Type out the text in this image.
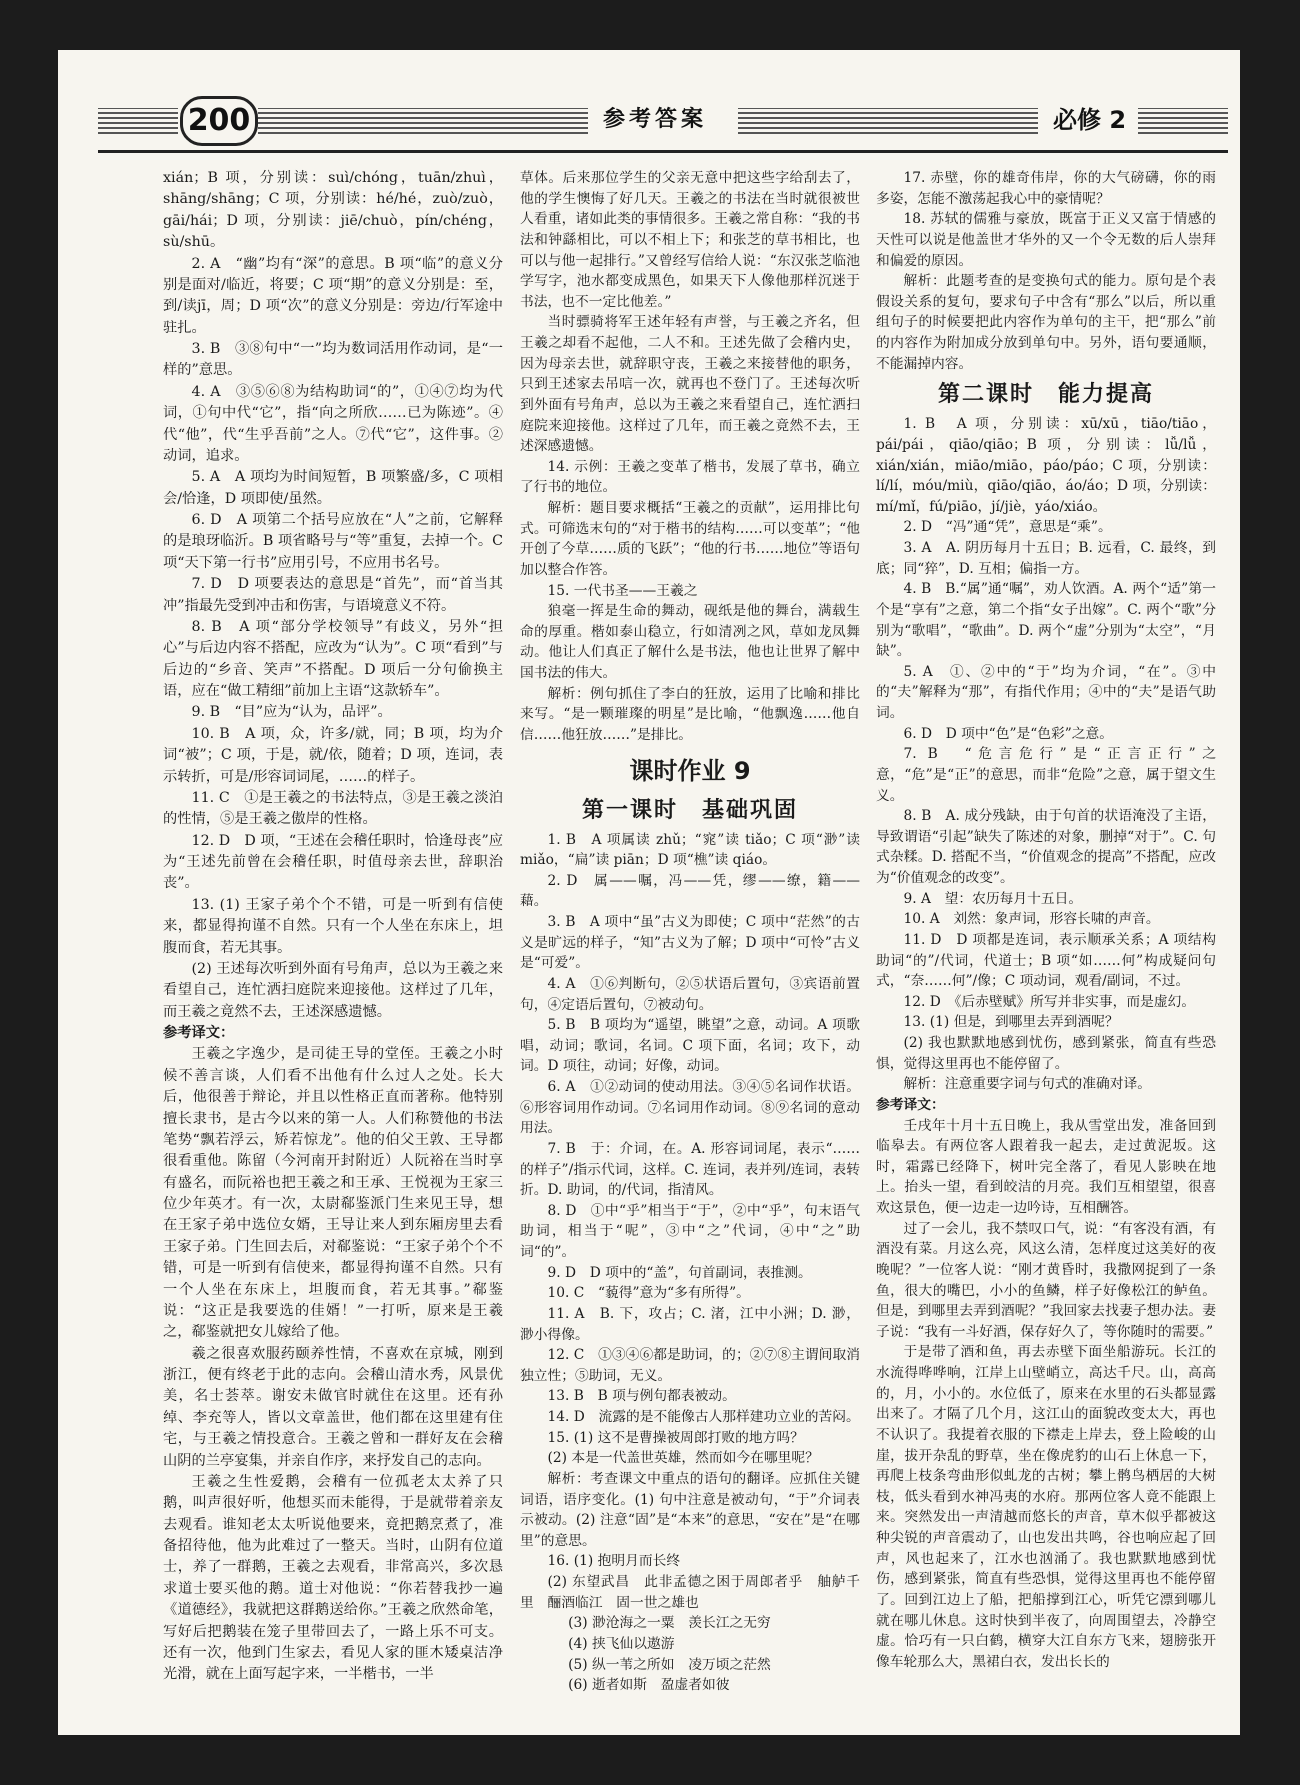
200	参考答案	必修 2

xián；B 项，分别读：suì/chóng，tuān/zhuì，shāng/shāng；C 项，分别读：hé/hé，zuò/zuò，gāi/hái；D 项，分别读：jiē/chuò，pín/chéng，sù/shū。

2. A　“幽”均有“深”的意思。B 项“临”的意义分别是面对/临近，将要；C 项“期”的意义分别是：至，到/读jī，周；D 项“次”的意义分别是：旁边/行军途中驻扎。

3. B　③⑧句中“一”均为数词活用作动词，是“一样的”意思。

4. A　③⑤⑥⑧为结构助词“的”，①④⑦均为代词，①句中代“它”，指“向之所欣……已为陈迹”。④代“他”，代“生乎吾前”之人。⑦代“它”，这件事。②动词，追求。

5. A　A 项均为时间短暂，B 项繁盛/多，C 项相会/恰逢，D 项即使/虽然。

6. D　A 项第二个括号应放在“人”之前，它解释的是琅玡临沂。B 项省略号与“等”重复，去掉一个。C 项“天下第一行书”应用引号，不应用书名号。

7. D　D 项要表达的意思是“首先”，而“首当其冲”指最先受到冲击和伤害，与语境意义不符。

8. B　A 项“部分学校领导”有歧义，另外“担心”与后边内容不搭配，应改为“认为”。C 项“看到”与后边的“乡音、笑声”不搭配。D 项后一分句偷换主语，应在“做工精细”前加上主语“这款轿车”。

9. B　“目”应为“认为，品评”。

10. B　A 项，众，许多/就，同；B 项，均为介词“被”；C 项，于是，就/依，随着；D 项，连词，表示转折，可是/形容词词尾，……的样子。

11. C　①是王羲之的书法特点，③是王羲之淡泊的性情，⑤是王羲之傲岸的性格。

12. D　D 项，“王述在会稽任职时，恰逢母丧”应为“王述先前曾在会稽任职，时值母亲去世，辞职治丧”。

13. (1) 王家子弟个个不错，可是一听到有信使来，都显得拘谨不自然。只有一个人坐在东床上，坦腹而食，若无其事。

(2) 王述每次听到外面有号角声，总以为王羲之来看望自己，连忙洒扫庭院来迎接他。这样过了几年，而王羲之竟然不去，王述深感遗憾。

参考译文：

王羲之字逸少，是司徒王导的堂侄。王羲之小时候不善言谈，人们看不出他有什么过人之处。长大后，他很善于辩论，并且以性格正直而著称。他特别擅长隶书，是古今以来的第一人。人们称赞他的书法笔势“飘若浮云，矫若惊龙”。他的伯父王敦、王导都很看重他。陈留（今河南开封附近）人阮裕在当时享有盛名，而阮裕也把王羲之和王承、王悦视为王家三位少年英才。有一次，太尉郗鉴派门生来见王导，想在王家子弟中选位女婿，王导让来人到东厢房里去看王家子弟。门生回去后，对郗鉴说：“王家子弟个个不错，可是一听到有信使来，都显得拘谨不自然。只有一个人坐在东床上，坦腹而食，若无其事。”郗鉴说：“这正是我要选的佳婿！”一打听，原来是王羲之，郗鉴就把女儿嫁给了他。

羲之很喜欢服药颐养性情，不喜欢在京城，刚到浙江，便有终老于此的志向。会稽山清水秀，风景优美，名士荟萃。谢安未做官时就住在这里。还有孙绰、李充等人，皆以文章盖世，他们都在这里建有住宅，与王羲之情投意合。王羲之曾和一群好友在会稽山阴的兰亭宴集，并亲自作序，来抒发自己的志向。

王羲之生性爱鹅，会稽有一位孤老太太养了只鹅，叫声很好听，他想买而未能得，于是就带着亲友去观看。谁知老太太听说他要来，竟把鹅烹煮了，准备招待他，他为此难过了一整天。当时，山阴有位道士，养了一群鹅，王羲之去观看，非常高兴，多次恳求道士要买他的鹅。道士对他说：“你若替我抄一遍《道德经》，我就把这群鹅送给你。”王羲之欣然命笔，写好后把鹅装在笼子里带回去了，一路上乐不可支。还有一次，他到门生家去，看见人家的匪木矮桌洁净光滑，就在上面写起字来，一半楷书，一半

草体。后来那位学生的父亲无意中把这些字给刮去了，他的学生懊悔了好几天。王羲之的书法在当时就很被世人看重，诸如此类的事情很多。王羲之常自称：“我的书法和钟繇相比，可以不相上下；和张芝的草书相比，也可以与他一起排行。”又曾经写信给人说：“东汉张芝临池学写字，池水都变成黑色，如果天下人像他那样沉迷于书法，也不一定比他差。”

当时骠骑将军王述年轻有声誉，与王羲之齐名，但王羲之却看不起他，二人不和。王述先做了会稽内史，因为母亲去世，就辞职守丧，王羲之来接替他的职务，只到王述家去吊唁一次，就再也不登门了。王述每次听到外面有号角声，总以为王羲之来看望自己，连忙洒扫庭院来迎接他。这样过了几年，而王羲之竟然不去，王述深感遗憾。

14. 示例：王羲之变革了楷书，发展了草书，确立了行书的地位。

解析：题目要求概括“王羲之的贡献”，运用排比句式。可筛选末句的“对于楷书的结构……可以变革”；“他开创了今草……质的飞跃”；“他的行书……地位”等语句加以整合作答。

15. 一代书圣——王羲之

狼毫一挥是生命的舞动，砚纸是他的舞台，满载生命的厚重。楷如泰山稳立，行如清冽之风，草如龙凤舞动。他让人们真正了解什么是书法，他也让世界了解中国书法的伟大。

解析：例句抓住了李白的狂放，运用了比喻和排比来写。“是一颗璀璨的明星”是比喻，“他飘逸……他自信……他狂放……”是排比。

课时作业 9

第一课时　基础巩固

1. B　A 项属读 zhǔ；“窕”读 tiǎo；C 项“渺”读 miǎo，“扁”读 piān；D 项“樵”读 qiáo。

2. D　属——嘱，冯——凭，缪——缭，籍——藉。

3. B　A 项中“虽”古义为即使；C 项中“茫然”的古义是旷远的样子，“知”古义为了解；D 项中“可怜”古义是“可爱”。

4. A　①⑥判断句，②⑤状语后置句，③宾语前置句，④定语后置句，⑦被动句。

5. B　B 项均为“遥望，眺望”之意，动词。A 项歌唱，动词；歌词，名词。C 项下面，名词；攻下，动词。D 项往，动词；好像，动词。

6. A　①②动词的使动用法。③④⑤名词作状语。⑥形容词用作动词。⑦名词用作动词。⑧⑨名词的意动用法。

7. B　于：介词，在。A. 形容词词尾，表示“……的样子”/指示代词，这样。C. 连词，表并列/连词，表转折。D. 助词，的/代词，指清风。

8. D　①中“乎”相当于“于”，②中“乎”，句末语气助词，相当于“呢”，③中“之”代词，④中“之”助词“的”。

9. D　D 项中的“盖”，句首副词，表推测。

10. C　“藐得”意为“多有所得”。

11. A　B. 下，攻占；C. 渚，江中小洲；D. 渺，渺小得像。

12. C　①③④⑥都是助词，的；②⑦⑧主谓间取消独立性；⑤助词，无义。

13. B　B 项与例句都表被动。

14. D　流露的是不能像古人那样建功立业的苦闷。

15. (1) 这不是曹操被周郎打败的地方吗？

(2) 本是一代盖世英雄，然而如今在哪里呢？

解析：考查课文中重点的语句的翻译。应抓住关键词语，语序变化。(1) 句中注意是被动句，“于”介词表示被动。(2) 注意“固”是“本来”的意思，“安在”是“在哪里”的意思。

16. (1) 抱明月而长终

(2) 东望武昌　此非孟德之困于周郎者乎　舳舻千里　酾酒临江　固一世之雄也

(3) 渺沧海之一粟　羡长江之无穷

(4) 挟飞仙以遨游

(5) 纵一苇之所如　凌万顷之茫然

(6) 逝者如斯　盈虚者如彼

17. 赤壁，你的雄奇伟岸，你的大气磅礴，你的雨多姿，怎能不激荡起我心中的豪情呢？

18. 苏轼的儒雅与豪放，既富于正义又富于情感的天性可以说是他盖世才华外的又一个令无数的后人崇拜和偏爱的原因。

解析：此题考查的是变换句式的能力。原句是个表假设关系的复句，要求句子中含有“那么”以后，所以重组句子的时候要把此内容作为单句的主干，把“那么”前的内容作为附加成分放到单句中。另外，语句要通顺，不能漏掉内容。

第二课时　能力提高

1. B　A 项，分别读：xū/xū，tiāo/tiāo，pái/pái，qiāo/qiāo；B 项，分别读：lǚ/lǚ，xián/xián，miāo/miāo，páo/páo；C 项，分别读：lí/lí，móu/miù，qiāo/qiāo，áo/áo；D 项，分别读：mí/mǐ，fú/piāo，jí/jiè，yáo/xiáo。

2. D　“冯”通“凭”，意思是“乘”。

3. A　A. 阴历每月十五日；B. 远看，C. 最终，到底；同“猝”，D. 互相；偏指一方。

4. B　B.“属”通“嘱”，劝人饮酒。A. 两个“适”第一个是“享有”之意，第二个指“女子出嫁”。C. 两个“歌”分别为“歌唱”，“歌曲”。D. 两个“虚”分别为“太空”，“月缺”。

5. A　①、②中的“于”均为介词，“在”。③中的“夫”解释为“那”，有指代作用；④中的“夫”是语气助词。

6. D　D 项中“色”是“色彩”之意。

7. B　“危言危行”是“正言正行”之意，“危”是“正”的意思，而非“危险”之意，属于望文生义。

8. B　A. 成分残缺，由于句首的状语淹没了主语，导致谓语“引起”缺失了陈述的对象，删掉“对于”。C. 句式杂糅。D. 搭配不当，“价值观念的提高”不搭配，应改为“价值观念的改变”。

9. A　望：农历每月十五日。

10. A　刘然：象声词，形容长啸的声音。

11. D　D 项都是连词，表示顺承关系；A 项结构助词“的”/代词，代道士；B 项“如……何”构成疑问句式，“奈……何”/像；C 项动词，观看/副词，不过。

12. D　《后赤壁赋》所写并非实事，而是虚幻。

13. (1) 但是，到哪里去弄到酒呢？

(2) 我也默默地感到忧伤，感到紧张，简直有些恐惧，觉得这里再也不能停留了。

解析：注意重要字词与句式的准确对译。

参考译文：

壬戌年十月十五日晚上，我从雪堂出发，准备回到临皋去。有两位客人跟着我一起去，走过黄泥坂。这时，霜露已经降下，树叶完全落了，看见人影映在地上。抬头一望，看到皎洁的月亮。我们互相望望，很喜欢这景色，便一边走一边吟诗，互相酬答。

过了一会儿，我不禁叹口气，说：“有客没有酒，有酒没有菜。月这么亮，风这么清，怎样度过这美好的夜晚呢？”一位客人说：“刚才黄昏时，我撒网捉到了一条鱼，很大的嘴巴，小小的鱼鳞，样子好像松江的鲈鱼。但是，到哪里去弄到酒呢？”我回家去找妻子想办法。妻子说：“我有一斗好酒，保存好久了，等你随时的需要。”

于是带了酒和鱼，再去赤壁下面坐船游玩。长江的水流得哗哗响，江岸上山壁峭立，高达千尺。山，高高的，月，小小的。水位低了，原来在水里的石头都显露出来了。才隔了几个月，这江山的面貌改变太大，再也不认识了。我提着衣服的下襟走上岸去，登上险峻的山崖，拔开杂乱的野草，坐在像虎豹的山石上休息一下，再爬上枝条弯曲形似虬龙的古树；攀上鹘鸟栖居的大树枝，低头看到水神冯夷的水府。那两位客人竟不能跟上来。突然发出一声清越而悠长的声音，草木似乎都被这种尖锐的声音震动了，山也发出共鸣，谷也响应起了回声，风也起来了，江水也汹涌了。我也默默地感到忧伤，感到紧张，简直有些恐惧，觉得这里再也不能停留了。回到江边上了船，把船撑到江心，听凭它漂到哪儿就在哪儿休息。这时快到半夜了，向周围望去，冷静空虚。恰巧有一只白鹤，横穿大江自东方飞来，翅膀张开像车轮那么大，黑裙白衣，发出长长的
